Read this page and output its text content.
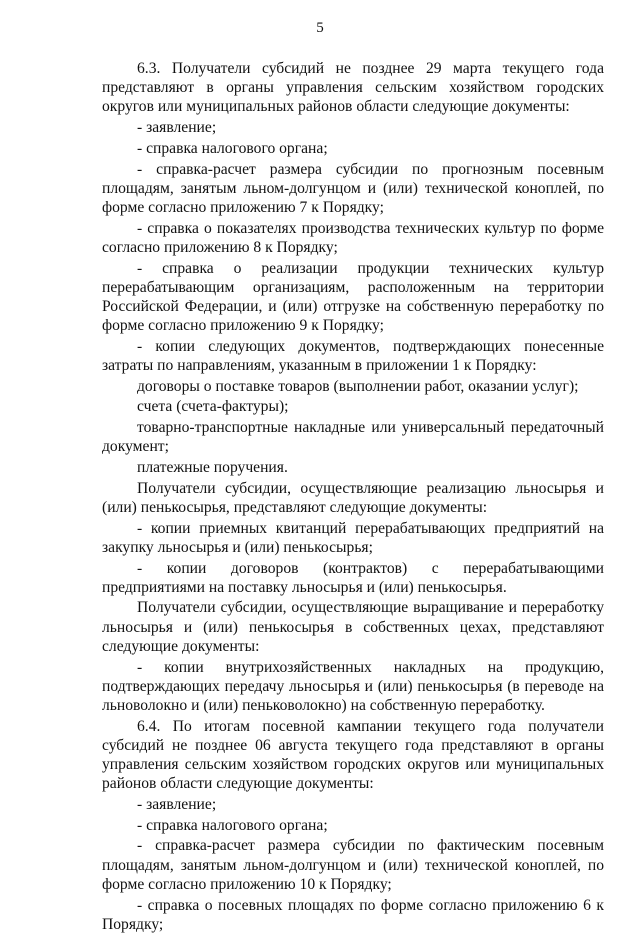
5

6.3. Получатели субсидий не позднее 29 марта текущего года представляют в органы управления сельским хозяйством городских округов или муниципальных районов области следующие документы:

- заявление;

- справка налогового органа;

- справка-расчет размера субсидии по прогнозным посевным площадям, занятым льном-долгунцом и (или) технической коноплей, по форме согласно приложению 7 к Порядку;

- справка о показателях производства технических культур по форме согласно приложению 8 к Порядку;

- справка о реализации продукции технических культур перерабатывающим организациям, расположенным на территории Российской Федерации, и (или) отгрузке на собственную переработку по форме согласно приложению 9 к Порядку;

- копии следующих документов, подтверждающих понесенные затраты по направлениям, указанным в приложении 1 к Порядку:

договоры о поставке товаров (выполнении работ, оказании услуг);

счета (счета-фактуры);

товарно-транспортные накладные или универсальный передаточный документ;

платежные поручения.

Получатели субсидии, осуществляющие реализацию льносырья и (или) пенькосырья, представляют следующие документы:

- копии приемных квитанций перерабатывающих предприятий на закупку льносырья и (или) пенькосырья;

- копии договоров (контрактов) с перерабатывающими предприятиями на поставку льносырья и (или) пенькосырья.

Получатели субсидии, осуществляющие выращивание и переработку льносырья и (или) пенькосырья в собственных цехах, представляют следующие документы:

- копии внутрихозяйственных накладных на продукцию, подтверждающих передачу льносырья и (или) пенькосырья (в переводе на льноволокно и (или) пеньковолокно) на собственную переработку.

6.4. По итогам посевной кампании текущего года получатели субсидий не позднее 06 августа текущего года представляют в органы управления сельским хозяйством городских округов или муниципальных районов области следующие документы:

- заявление;

- справка налогового органа;

- справка-расчет размера субсидии по фактическим посевным площадям, занятым льном-долгунцом и (или) технической коноплей, по форме согласно приложению 10 к Порядку;

- справка о посевных площадях по форме согласно приложению 6 к Порядку;
